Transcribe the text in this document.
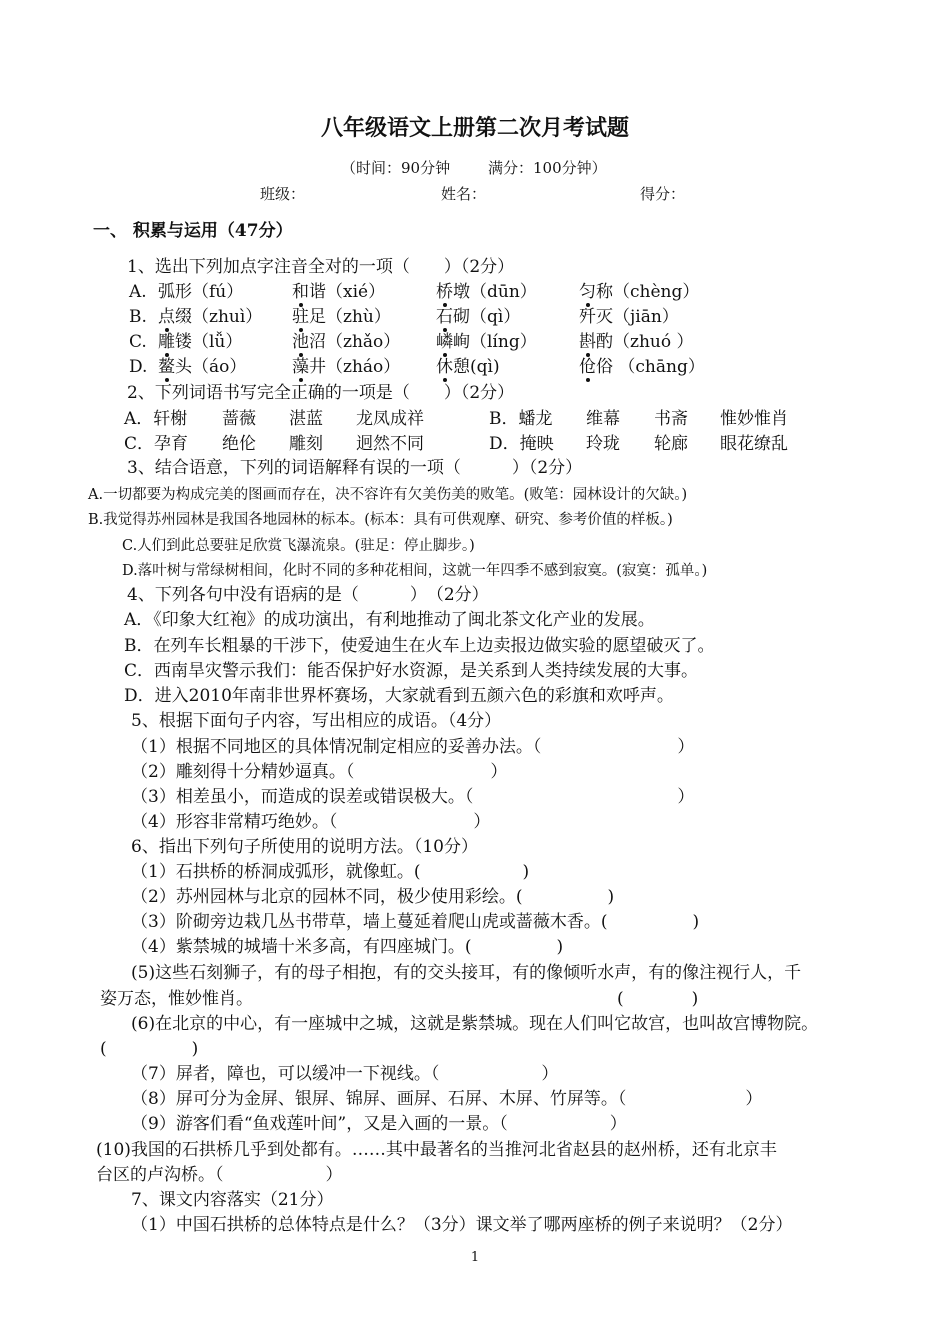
八年级语文上册第二次月考试题
（时间：90分钟	满分：100分钟）
班级：	姓名：	得分：
一、 积累与运用（47分）
1、选出下列加点字注音全对的一项（　　）（2分）
A. 弧形（fú）	和谐（xié）	桥墩（dūn） 匀称（chèng）
B. 点缀（zhuì） 驻足（zhù）	石砌（qì）	歼灭（jiān）
C. 雕镂（lǚ）	池沼（zhǎo） 嶙峋（líng） 斟酌（zhuó ）
D. 鳌头（áo）	藻井（zháo） 休憩(qì)	伧俗 （chāng）
2、下列词语书写完全正确的一项是（　　）（2分）
A．轩榭 蔷薇 湛蓝 龙凤成祥	B．蟠龙 维幕 书斋 惟妙惟肖
C．孕育 绝伦 雕刻 迥然不同	D．掩映 玲珑 轮廊 眼花缭乱
3、结合语意，下列的词语解释有误的一项（　　　）（2分）
A.一切都要为构成完美的图画而存在，决不容许有欠美伤美的败笔。(败笔：园林设计的欠缺。)
B.我觉得苏州园林是我国各地园林的标本。(标本：具有可供观摩、研究、参考价值的样板。)
C.人们到此总要驻足欣赏飞瀑流泉。(驻足：停止脚步。)
D.落叶树与常绿树相间，化时不同的多种花相间，这就一年四季不感到寂寞。(寂寞：孤单。)
4、下列各句中没有语病的是（　　　）　（2分）
A．《印象大红袍》的成功演出，有利地推动了闽北茶文化产业的发展。
B．在列车长粗暴的干涉下，使爱迪生在火车上边卖报边做实验的愿望破灭了。
C．西南旱灾警示我们：能否保护好水资源，是关系到人类持续发展的大事。
D．进入2010年南非世界杯赛场，大家就看到五颜六色的彩旗和欢呼声。
5、根据下面句子内容，写出相应的成语。（4分）
（1）根据不同地区的具体情况制定相应的妥善办法。（　　　　　　　　）
（2）雕刻得十分精妙逼真。（　　　　　　　　）
（3）相差虽小，而造成的误差或错误极大。（　　　　　　　　　　　　）
（4）形容非常精巧绝妙。（　　　　　　　　）
6、指出下列句子所使用的说明方法。（10分）
（1）石拱桥的桥洞成弧形，就像虹。(　　　　　　)
（2）苏州园林与北京的园林不同，极少使用彩绘。(　　　　　)
（3）阶砌旁边栽几丛书带草，墙上蔓延着爬山虎或蔷薇木香。(　　　　　)
（4）紫禁城的城墙十米多高，有四座城门。(　　　　　)
(5)这些石刻狮子，有的母子相抱，有的交头接耳，有的像倾听水声，有的像注视行人，千
姿万态，惟妙惟肖。	(　　　　)
(6)在北京的中心，有一座城中之城，这就是紫禁城。现在人们叫它故宫，也叫故宫博物院。
(　　　　　)
（7）屏者，障也，可以缓冲一下视线。（　　　　　　）
（8）屏可分为金屏、银屏、锦屏、画屏、石屏、木屏、竹屏等。（　　　　　　　）
（9）游客们看“鱼戏莲叶间”，又是入画的一景。（　　　　　　）
(10)我国的石拱桥几乎到处都有。……其中最著名的当推河北省赵县的赵州桥，还有北京丰
台区的卢沟桥。（　　　　　　）
7、课文内容落实（21分）
（1）中国石拱桥的总体特点是什么？（3分）课文举了哪两座桥的例子来说明？（2分）
1
